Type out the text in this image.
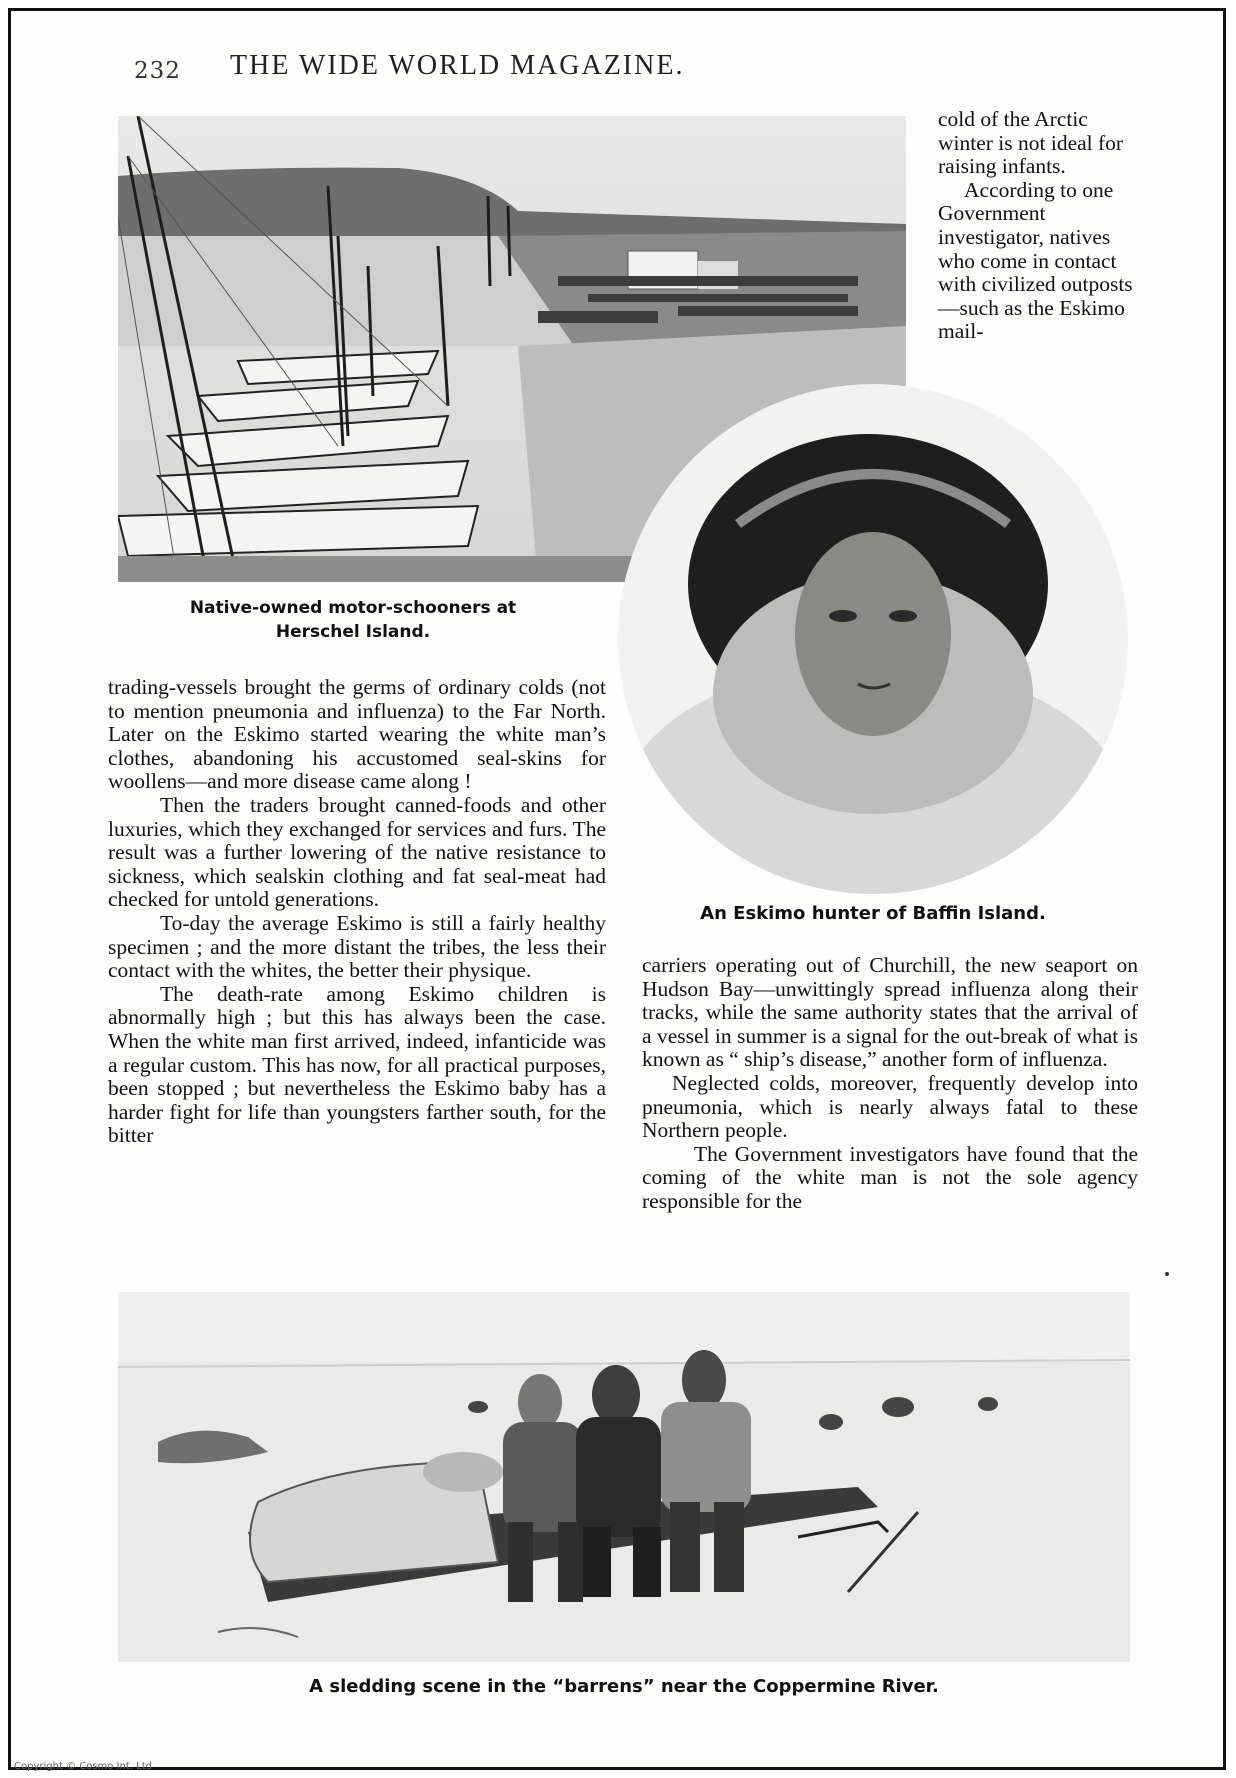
232 THE WIDE WORLD MAGAZINE.
Native-owned motor-schooners at
Herschel Island.
An Eskimo hunter of Baffin Island.

cold of the Arctic winter is not ideal for raising infants.

According to one Government investigator, natives who come in contact with civilized outposts —such as the Eskimo mail-

trading-vessels brought the germs of ordinary colds (not to mention pneumonia and influenza) to the Far North. Later on the Eskimo started wearing the white man’s clothes, abandoning his accustomed seal-skins for woollens—and more disease came along !

Then the traders brought canned-foods and other luxuries, which they exchanged for services and furs. The result was a further lowering of the native resistance to sickness, which sealskin clothing and fat seal-meat had checked for untold generations.

To-day the average Eskimo is still a fairly healthy specimen ; and the more distant the tribes, the less their contact with the whites, the better their physique.

The death-rate among Eskimo children is abnormally high ; but this has always been the case. When the white man first arrived, indeed, infanticide was a regular custom. This has now, for all practical purposes, been stopped ; but nevertheless the Eskimo baby has a harder fight for life than youngsters farther south, for the bitter

carriers operating out of Churchill, the new seaport on Hudson Bay—unwittingly spread influenza along their tracks, while the same authority states that the arrival of a vessel in summer is a signal for the out-break of what is known as “ ship’s disease,” another form of influenza.

Neglected colds, moreover, frequently develop into pneumonia, which is nearly always fatal to these Northern people.

The Government investigators have found that the coming of the white man is not the sole agency responsible for the

A sledding scene in the “barrens” near the Coppermine River.
Copyright © Cosmo Int. Ltd
